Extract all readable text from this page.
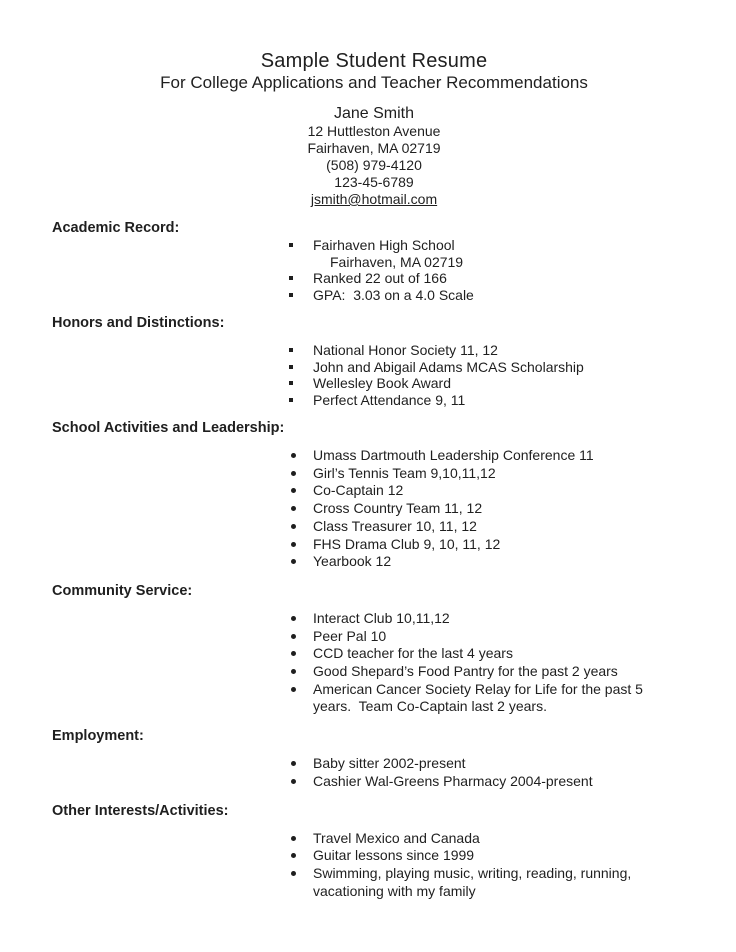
Sample Student Resume
For College Applications and Teacher Recommendations
Jane Smith
12 Huttleston Avenue
Fairhaven, MA 02719
(508) 979-4120
123-45-6789
jsmith@hotmail.com
Academic Record:
Fairhaven High School
Fairhaven, MA 02719
Ranked 22 out of 166
GPA:  3.03 on a 4.0 Scale
Honors and Distinctions:
National Honor Society 11, 12
John and Abigail Adams MCAS Scholarship
Wellesley Book Award
Perfect Attendance 9, 11
School Activities and Leadership:
Umass Dartmouth Leadership Conference 11
Girl’s Tennis Team 9,10,11,12
Co-Captain 12
Cross Country Team 11, 12
Class Treasurer 10, 11, 12
FHS Drama Club 9, 10, 11, 12
Yearbook 12
Community Service:
Interact Club 10,11,12
Peer Pal 10
CCD teacher for the last 4 years
Good Shepard’s Food Pantry for the past 2 years
American Cancer Society Relay for Life for the past 5 years.  Team Co-Captain last 2 years.
Employment:
Baby sitter 2002-present
Cashier Wal-Greens Pharmacy 2004-present
Other Interests/Activities:
Travel Mexico and Canada
Guitar lessons since 1999
Swimming, playing music, writing, reading, running, vacationing with my family
